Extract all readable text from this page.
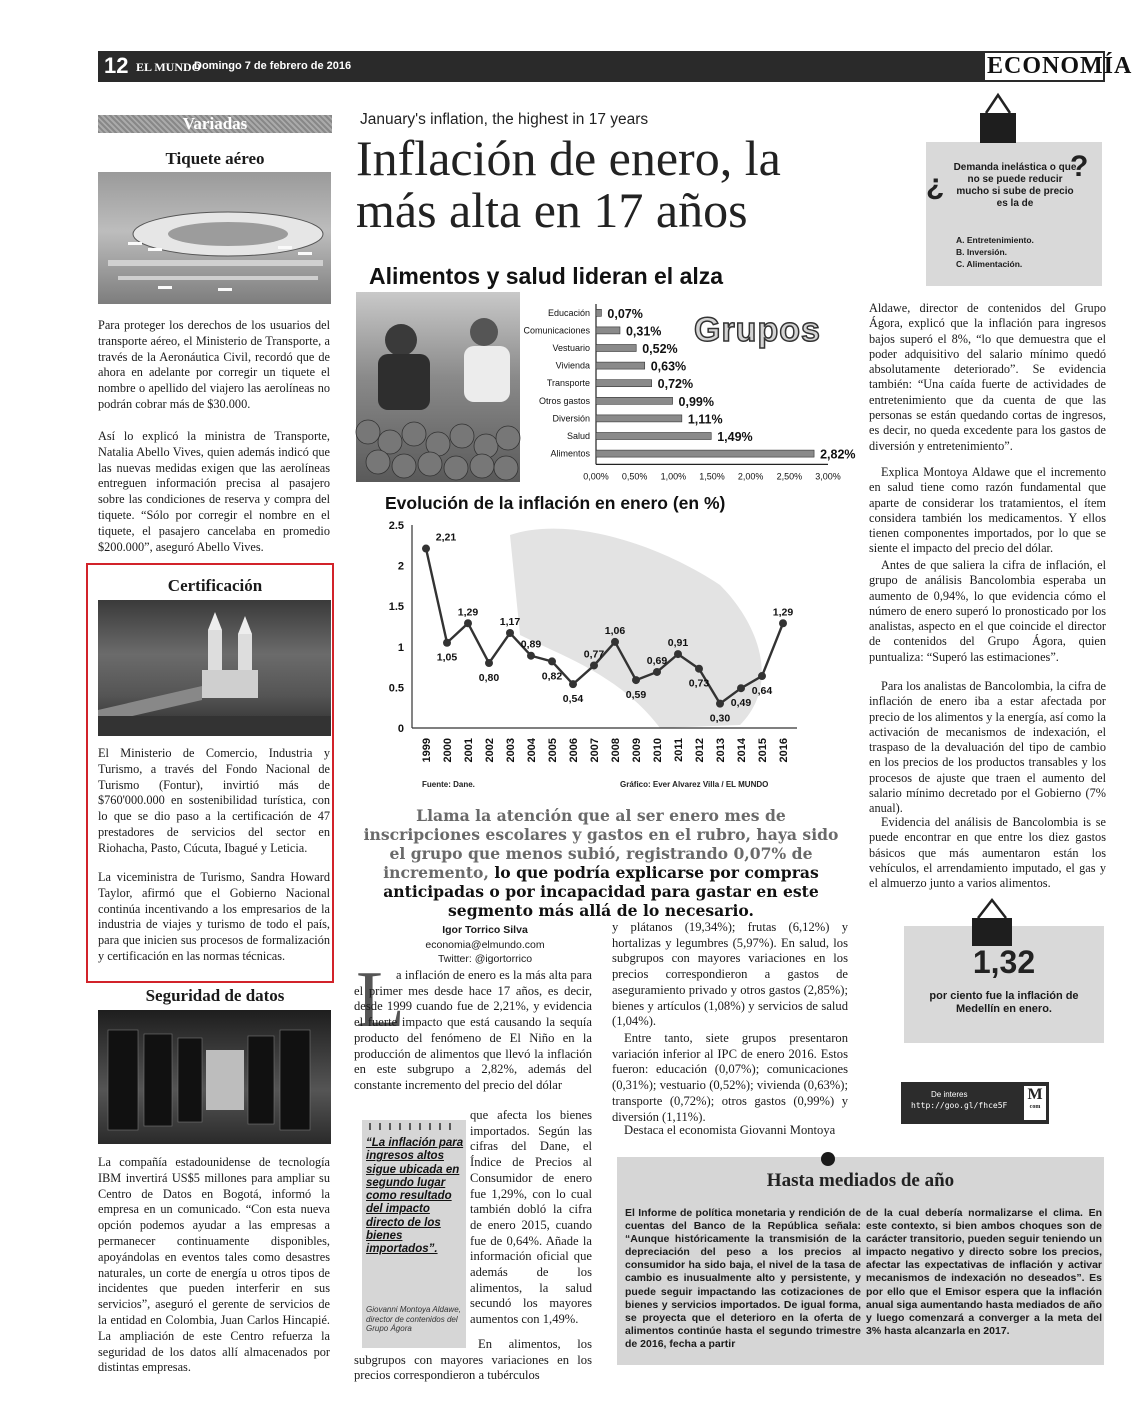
12 EL MUNDO
Domingo 7 de febrero de 2016	ECONOMÍA
Variadas
Tiquete aéreo
Para proteger los derechos de los usuarios del transporte aéreo, el Ministerio de Transporte, a través de la Aeronáutica Civil, recordó que de ahora en adelante por corregir un tiquete el nombre o apellido del viajero las aerolíneas no podrán cobrar más de $30.000.
Así lo explicó la ministra de Transporte, Natalia Abello Vives, quien además indicó que las nuevas medidas exigen que las aerolíneas entreguen información precisa al pasajero sobre las condiciones de reserva y compra del tiquete. “Sólo por corregir el nombre en el tiquete, el pasajero cancelaba en promedio $200.000”, aseguró Abello Vives.
Certificación
El Ministerio de Comercio, Industria y Turismo, a través del Fondo Nacional de Turismo (Fontur), invirtió más de $760'000.000 en sostenibilidad turística, con lo que se dio paso a la certificación de 47 prestadores de servicios del sector en Riohacha, Pasto, Cúcuta, Ibagué y Leticia.
La viceministra de Turismo, Sandra Howard Taylor, afirmó que el Gobierno Nacional continúa incentivando a los empresarios de la industria de viajes y turismo de todo el país, para que inicien sus procesos de formalización y certificación en las normas técnicas.
Seguridad de datos
La compañía estadounidense de tecnología IBM invertirá US$5 millones para ampliar su Centro de Datos en Bogotá, informó la empresa en un comunicado. “Con esta nueva opción podemos ayudar a las empresas a permanecer continuamente disponibles, apoyándolas en eventos tales como desastres naturales, un corte de energía u otros tipos de incidentes que pueden interferir en sus servicios”, aseguró el gerente de servicios de la entidad en Colombia, Juan Carlos Hincapié. La ampliación de este Centro refuerza la seguridad de los datos allí almacenados por distintas empresas.
January's inflation, the highest in 17 years
Inflación de enero, la
más alta en 17 años
Alimentos y salud lideran el alza
Grupos
Educación 0,07%
Comunicaciones	0,31%
Vestuario	0,52%
Vivienda	0,63%
Transporte	0,72%
Otros gastos	0,99%
Diversión	1,11%
Salud	1,49%
Alimentos	2,82%
0,00% 0,50% 1,00% 1,50% 2,00% 2,50% 3,00%
Evolución de la inflación en enero (en %)
0
0.5
1
1.5
2
2.5
2,21
1999
1,05
2000
1,29
2001
0,80
2002
1,17
2003
0,89
2004
0,82
2005
0,54
2006
0,77
2007
1,06
2008
0,59
2009
0,69
2010
0,91
2011
0,73
2012
0,30
2013
0,49
2014
0,64
2015
1,29
2016
Fuente: Dane.	Gráfico: Ever Alvarez Villa / EL MUNDO
Llama la atención que al ser enero mes de inscripciones escolares y gastos en el rubro, haya sido el grupo que menos subió, registrando 0,07% de incremento, lo que podría explicarse por compras anticipadas o por incapacidad para gastar en este segmento más allá de lo necesario.
Igor Torrico Silva
economia@elmundo.com
Twitter: @igortorrico
L
a inflación de enero es la más alta para el primer mes desde hace 17 años, es decir, desde 1999 cuando fue de 2,21%, y evidencia el fuerte impacto que está causando la sequía producto del fenómeno de El Niño en la producción de alimentos que llevó la inflación en este subgrupo a 2,82%, además del constante incremento del precio del dólar
que afecta los bienes importados. Según las cifras del Dane, el Índice de Precios al Consumidor de enero fue 1,29%, con lo cual también dobló la cifra de enero 2015, cuando fue de 0,64%. Añade la información oficial que además de los alimentos, la salud secundó los mayores aumentos con 1,49%.
En alimentos, los subgrupos con mayores variaciones en los precios correspondieron a tubérculos
“La inflación para ingresos altos sigue ubicada en segundo lugar como resultado del impacto directo de los bienes importados”.
Giovanni Montoya Aldawe, director de contenidos del Grupo Ágora
y plátanos (19,34%); frutas (6,12%) y hortalizas y legumbres (5,97%). En salud, los subgrupos con mayores variaciones en los precios correspondieron a gastos de aseguramiento privado y otros gastos (2,85%); bienes y artículos (1,08%) y servicios de salud (1,04%).
Entre tanto, siete grupos presentaron variación inferior al IPC de enero 2016. Estos fueron: educación (0,07%); comunicaciones (0,31%); vestuario (0,52%); vivienda (0,63%); transporte (0,72%); otros gastos (0,99%) y diversión (1,11%).
Destaca el economista Giovanni Montoya
¿
?
Demanda inelástica o que no se puede reducir mucho si sube de precio es la de
A. Entretenimiento.
B. Inversión.
C. Alimentación.
Aldawe, director de contenidos del Grupo Ágora, explicó que la inflación para ingresos bajos superó el 8%, “lo que demuestra que el poder adquisitivo del salario mínimo quedó absolutamente deteriorado”. Se evidencia también: “Una caída fuerte de actividades de entretenimiento que da cuenta de que las personas se están quedando cortas de ingresos, es decir, no queda excedente para los gastos de diversión y entretenimiento”.
Explica Montoya Aldawe que el incremento en salud tiene como razón fundamental que aparte de considerar los tratamientos, el ítem considera también los medicamentos. Y ellos tienen componentes importados, por lo que se siente el impacto del precio del dólar.
Antes de que saliera la cifra de inflación, el grupo de análisis Bancolombia esperaba un aumento de 0,94%, lo que evidencia cómo el número de enero superó lo pronosticado por los analistas, aspecto en el que coincide el director de contenidos del Grupo Ágora, quien puntualiza: “Superó las estimaciones”.
Para los analistas de Bancolombia, la cifra de inflación de enero iba a estar afectada por precio de los alimentos y la energía, así como la activación de mecanismos de indexación, el traspaso de la devaluación del tipo de cambio en los precios de los productos transables y los procesos de ajuste que traen el aumento del salario mínimo decretado por el Gobierno (7% anual).
Evidencia del análisis de Bancolombia is se puede encontrar en que entre los diez gastos básicos que más aumentaron están los vehículos, el arrendamiento imputado, el gas y el almuerzo junto a varios alimentos.
1,32
por ciento fue la inflación de Medellín en enero.
De interes
http://goo.gl/fhce5F
M
com
Hasta mediados de año
El Informe de política monetaria y rendición de cuentas del Banco de la República señala: “Aunque históricamente la transmisión de la depreciación del peso a los precios al consumidor ha sido baja, el nivel de la tasa de cambio es inusualmente alto y persistente, y puede seguir impactando las cotizaciones de bienes y servicios importados. De igual forma, se proyecta que el deterioro en la oferta de alimentos continúe hasta el segundo trimestre de 2016, fecha a partir
de la cual debería normalizarse el clima. En este contexto, si bien ambos choques son de carácter transitorio, pueden seguir teniendo un impacto negativo y directo sobre los precios, afectar las expectativas de inflación y activar mecanismos de indexación no deseados”. Es por ello que el Emisor espera que la inflación anual siga aumentando hasta mediados de año y luego comenzará a converger a la meta del 3% hasta alcanzarla en 2017.
